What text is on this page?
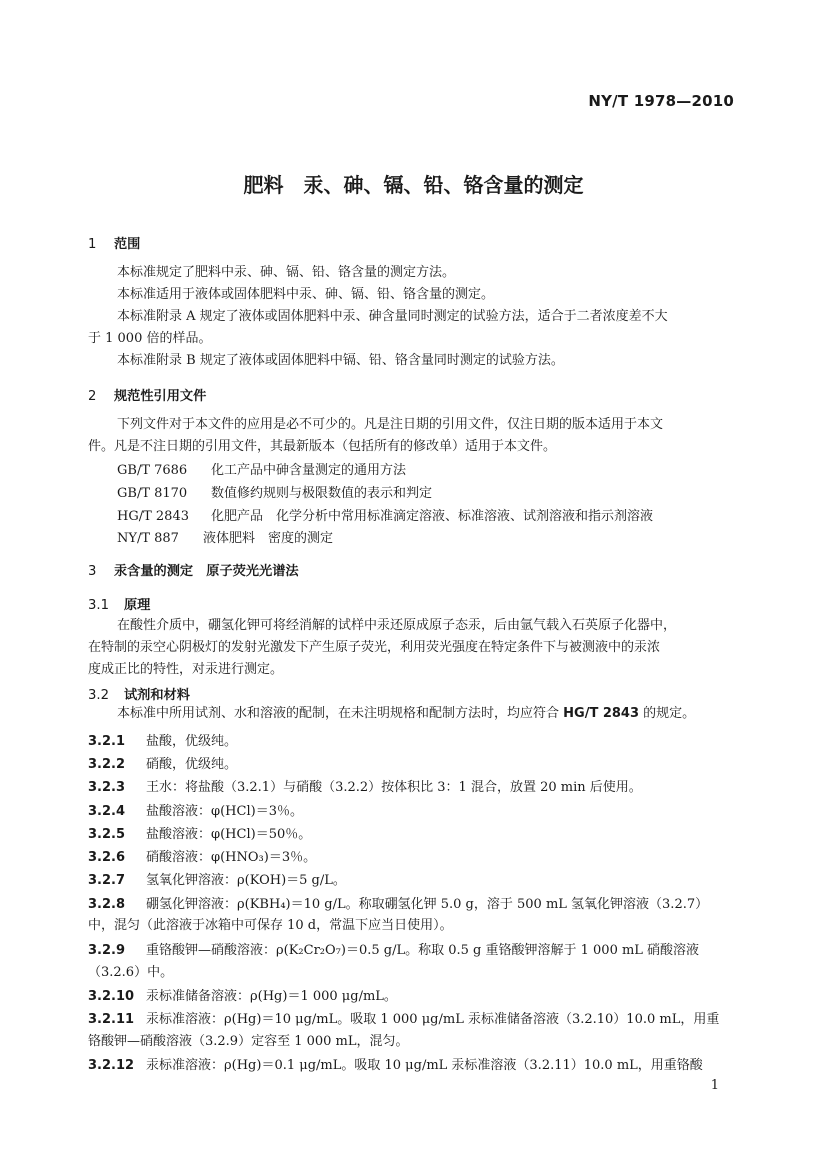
NY/T 1978—2010
肥料　汞、砷、镉、铅、铬含量的测定
1 范围
本标准规定了肥料中汞、砷、镉、铅、铬含量的测定方法。
本标准适用于液体或固体肥料中汞、砷、镉、铅、铬含量的测定。
本标准附录 A 规定了液体或固体肥料中汞、砷含量同时测定的试验方法，适合于二者浓度差不大
于 1 000 倍的样品。
本标准附录 B 规定了液体或固体肥料中镉、铅、铬含量同时测定的试验方法。
2 规范性引用文件
下列文件对于本文件的应用是必不可少的。凡是注日期的引用文件，仅注日期的版本适用于本文
件。凡是不注日期的引用文件，其最新版本（包括所有的修改单）适用于本文件。
GB/T 7686 化工产品中砷含量测定的通用方法
GB/T 8170 数值修约规则与极限数值的表示和判定
HG/T 2843 化肥产品　化学分析中常用标准滴定溶液、标准溶液、试剂溶液和指示剂溶液
NY/T 887 液体肥料　密度的测定
3 汞含量的测定　原子荧光光谱法
3.1 原理
在酸性介质中，硼氢化钾可将经消解的试样中汞还原成原子态汞，后由氩气载入石英原子化器中，
在特制的汞空心阴极灯的发射光激发下产生原子荧光，利用荧光强度在特定条件下与被测液中的汞浓
度成正比的特性，对汞进行测定。
3.2 试剂和材料
本标准中所用试剂、水和溶液的配制，在未注明规格和配制方法时，均应符合 HG/T 2843 的规定。
3.2.1 盐酸，优级纯。
3.2.2 硝酸，优级纯。
3.2.3 王水：将盐酸（3.2.1）与硝酸（3.2.2）按体积比 3：1 混合，放置 20 min 后使用。
3.2.4 盐酸溶液：φ(HCl)＝3％。
3.2.5 盐酸溶液：φ(HCl)＝50％。
3.2.6 硝酸溶液：φ(HNO₃)＝3％。
3.2.7 氢氧化钾溶液：ρ(KOH)＝5 g/L。
3.2.8 硼氢化钾溶液：ρ(KBH₄)＝10 g/L。称取硼氢化钾 5.0 g，溶于 500 mL 氢氧化钾溶液（3.2.7）
中，混匀（此溶液于冰箱中可保存 10 d，常温下应当日使用）。
3.2.9 重铬酸钾—硝酸溶液：ρ(K₂Cr₂O₇)＝0.5 g/L。称取 0.5 g 重铬酸钾溶解于 1 000 mL 硝酸溶液
（3.2.6）中。
3.2.10 汞标准储备溶液：ρ(Hg)＝1 000 μg/mL。
3.2.11 汞标准溶液：ρ(Hg)＝10 μg/mL。吸取 1 000 μg/mL 汞标准储备溶液（3.2.10）10.0 mL，用重
铬酸钾—硝酸溶液（3.2.9）定容至 1 000 mL，混匀。
3.2.12 汞标准溶液：ρ(Hg)＝0.1 μg/mL。吸取 10 μg/mL 汞标准溶液（3.2.11）10.0 mL，用重铬酸
1
